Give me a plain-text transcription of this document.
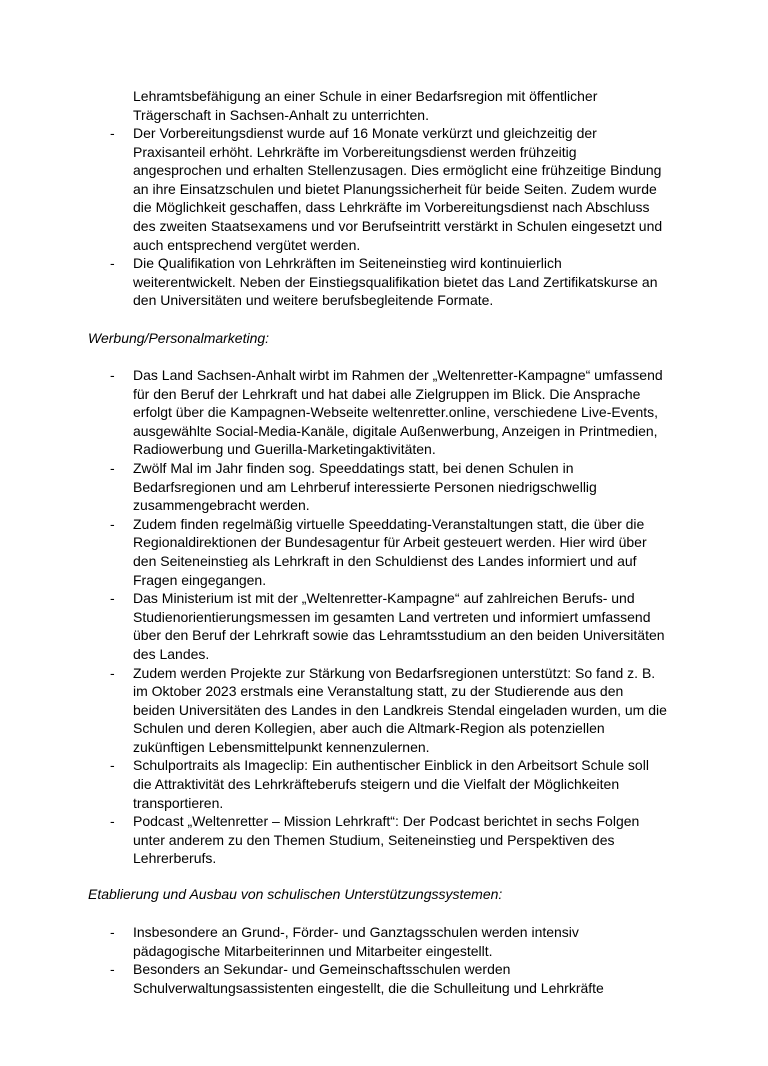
Lehramtsbefähigung an einer Schule in einer Bedarfsregion mit öffentlicher Trägerschaft in Sachsen-Anhalt zu unterrichten.

- Der Vorbereitungsdienst wurde auf 16 Monate verkürzt und gleichzeitig der Praxisanteil erhöht. Lehrkräfte im Vorbereitungsdienst werden frühzeitig angesprochen und erhalten Stellenzusagen. Dies ermöglicht eine frühzeitige Bindung an ihre Einsatzschulen und bietet Planungssicherheit für beide Seiten. Zudem wurde die Möglichkeit geschaffen, dass Lehrkräfte im Vorbereitungsdienst nach Abschluss des zweiten Staatsexamens und vor Berufseintritt verstärkt in Schulen eingesetzt und auch entsprechend vergütet werden.
- Die Qualifikation von Lehrkräften im Seiteneinstieg wird kontinuierlich weiterentwickelt. Neben der Einstiegsqualifikation bietet das Land Zertifikatskurse an den Universitäten und weitere berufsbegleitende Formate.

Werbung/Personalmarketing:

- Das Land Sachsen-Anhalt wirbt im Rahmen der „Weltenretter-Kampagne“ umfassend für den Beruf der Lehrkraft und hat dabei alle Zielgruppen im Blick. Die Ansprache erfolgt über die Kampagnen-Webseite weltenretter.online, verschiedene Live-Events, ausgewählte Social-Media-Kanäle, digitale Außenwerbung, Anzeigen in Printmedien, Radiowerbung und Guerilla-Marketingaktivitäten.
- Zwölf Mal im Jahr finden sog. Speeddatings statt, bei denen Schulen in Bedarfsregionen und am Lehrberuf interessierte Personen niedrigschwellig zusammengebracht werden.
- Zudem finden regelmäßig virtuelle Speeddating-Veranstaltungen statt, die über die Regionaldirektionen der Bundesagentur für Arbeit gesteuert werden. Hier wird über den Seiteneinstieg als Lehrkraft in den Schuldienst des Landes informiert und auf Fragen eingegangen.
- Das Ministerium ist mit der „Weltenretter-Kampagne“ auf zahlreichen Berufs- und Studienorientierungsmessen im gesamten Land vertreten und informiert umfassend über den Beruf der Lehrkraft sowie das Lehramtsstudium an den beiden Universitäten des Landes.
- Zudem werden Projekte zur Stärkung von Bedarfsregionen unterstützt: So fand z. B. im Oktober 2023 erstmals eine Veranstaltung statt, zu der Studierende aus den beiden Universitäten des Landes in den Landkreis Stendal eingeladen wurden, um die Schulen und deren Kollegien, aber auch die Altmark-Region als potenziellen zukünftigen Lebensmittelpunkt kennenzulernen.
- Schulportraits als Imageclip: Ein authentischer Einblick in den Arbeitsort Schule soll die Attraktivität des Lehrkräfteberufs steigern und die Vielfalt der Möglichkeiten transportieren.
- Podcast „Weltenretter – Mission Lehrkraft“: Der Podcast berichtet in sechs Folgen unter anderem zu den Themen Studium, Seiteneinstieg und Perspektiven des Lehrerberufs.

Etablierung und Ausbau von schulischen Unterstützungssystemen:

- Insbesondere an Grund-, Förder- und Ganztagsschulen werden intensiv pädagogische Mitarbeiterinnen und Mitarbeiter eingestellt.
- Besonders an Sekundar- und Gemeinschaftsschulen werden Schulverwaltungsassistenten eingestellt, die die Schulleitung und Lehrkräfte
